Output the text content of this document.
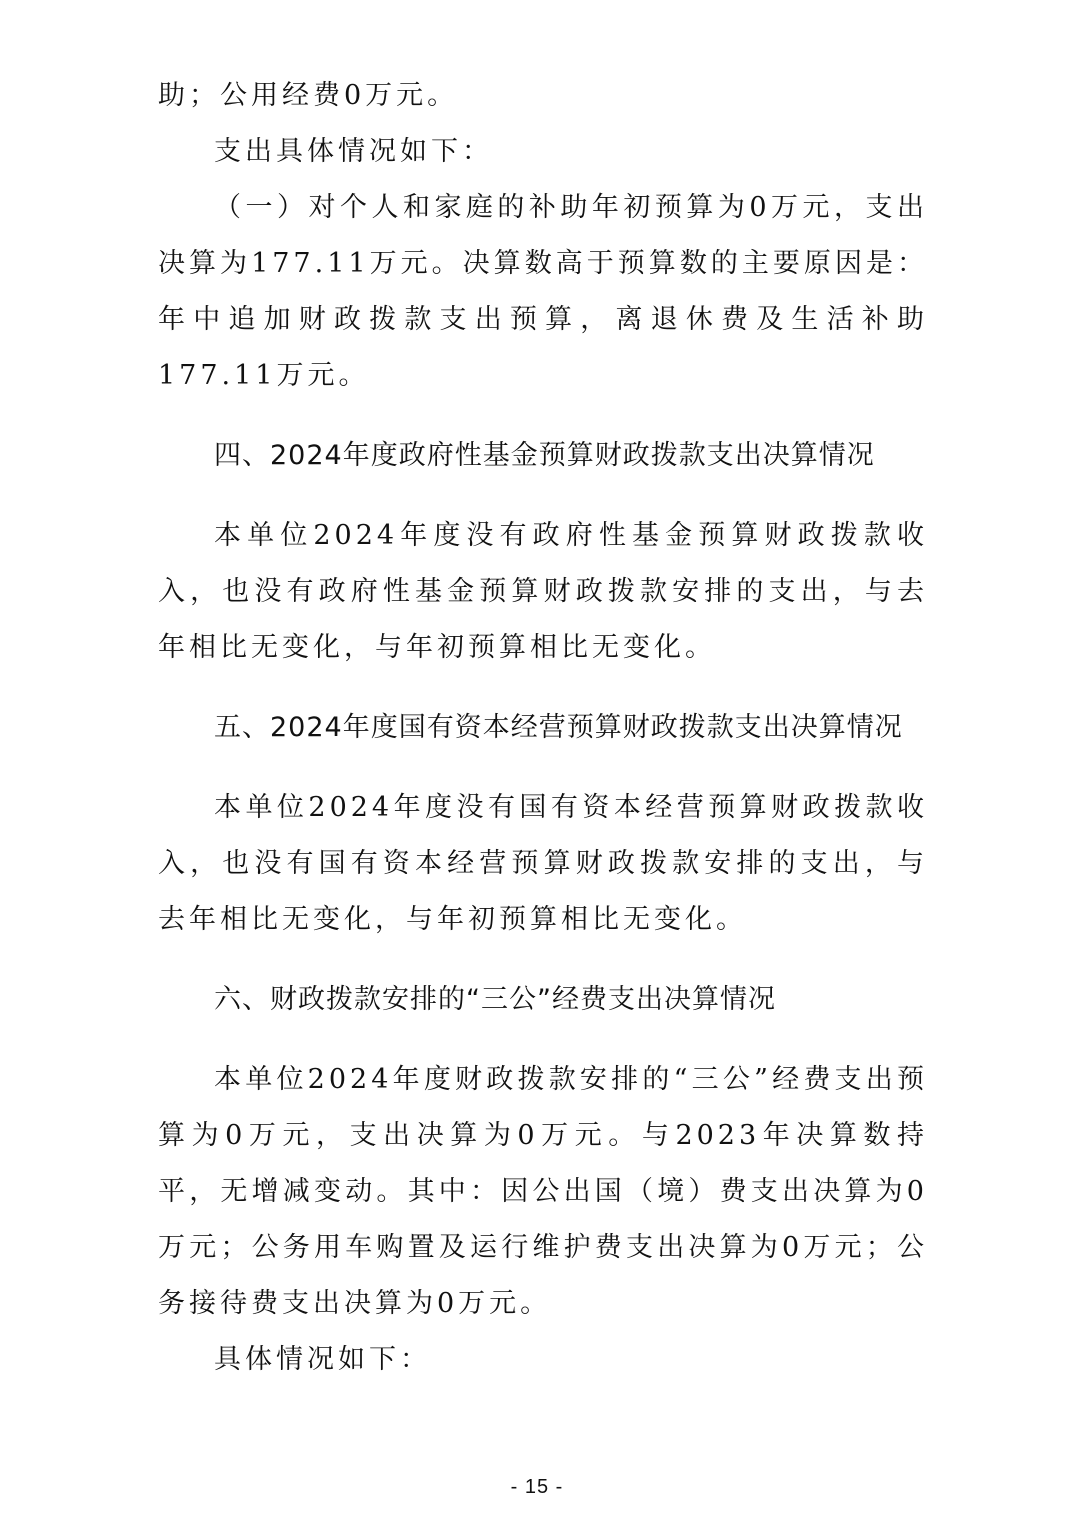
助；公用经费0万元。

支出具体情况如下：

（一）对个人和家庭的补助年初预算为0万元，支出决算为177.11万元。决算数高于预算数的主要原因是：年中追加财政拨款支出预算，离退休费及生活补助177.11万元。

四、2024年度政府性基金预算财政拨款支出决算情况

本单位2024年度没有政府性基金预算财政拨款收入，也没有政府性基金预算财政拨款安排的支出，与去年相比无变化，与年初预算相比无变化。

五、2024年度国有资本经营预算财政拨款支出决算情况

本单位2024年度没有国有资本经营预算财政拨款收入，也没有国有资本经营预算财政拨款安排的支出，与去年相比无变化，与年初预算相比无变化。

六、财政拨款安排的“三公”经费支出决算情况

本单位2024年度财政拨款安排的“三公”经费支出预算为0万元，支出决算为0万元。与2023年决算数持平，无增减变动。其中：因公出国（境）费支出决算为0万元；公务用车购置及运行维护费支出决算为0万元；公务接待费支出决算为0万元。

具体情况如下：

- 15 -
